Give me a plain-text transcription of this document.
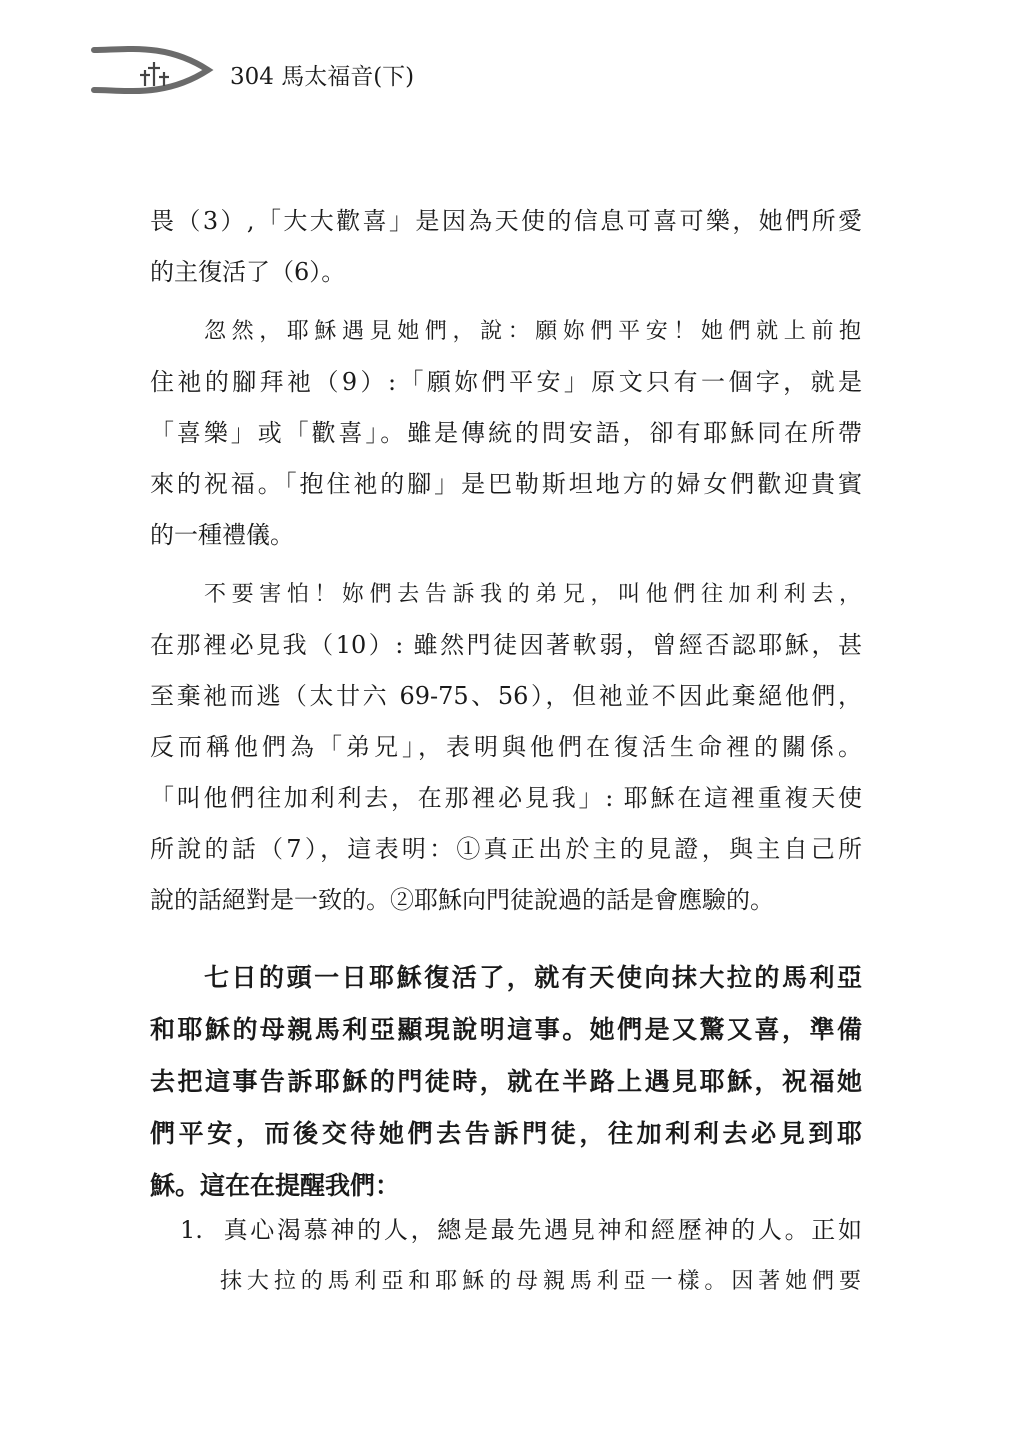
304 馬太福音(下)
畏（3）,「大大歡喜」是因為天使的信息可喜可樂，她們所愛
的主復活了（6）。
忽然，耶穌遇見她們，說：願妳們平安！她們就上前抱
住祂的腳拜祂（9）:「願妳們平安」原文只有一個字，就是
「喜樂」或「歡喜」。雖是傳統的問安語，卻有耶穌同在所帶
來的祝福。「抱住祂的腳」是巴勒斯坦地方的婦女們歡迎貴賓
的一種禮儀。
不要害怕！妳們去告訴我的弟兄，叫他們往加利利去，
在那裡必見我（10）: 雖然門徒因著軟弱，曾經否認耶穌，甚
至棄祂而逃（太廿六 69-75、56），但祂並不因此棄絕他們，
反而稱他們為「弟兄」，表明與他們在復活生命裡的關係。
「叫他們往加利利去，在那裡必見我」: 耶穌在這裡重複天使
所說的話（7），這表明：①真正出於主的見證，與主自己所
說的話絕對是一致的。②耶穌向門徒說過的話是會應驗的。
七日的頭一日耶穌復活了，就有天使向抹大拉的馬利亞
和耶穌的母親馬利亞顯現說明這事。她們是又驚又喜，準備
去把這事告訴耶穌的門徒時，就在半路上遇見耶穌，祝福她
們平安，而後交待她們去告訴門徒，往加利利去必見到耶
穌。這在在提醒我們：
1. 真心渴慕神的人，總是最先遇見神和經歷神的人。正如
抹大拉的馬利亞和耶穌的母親馬利亞一樣。因著她們要
